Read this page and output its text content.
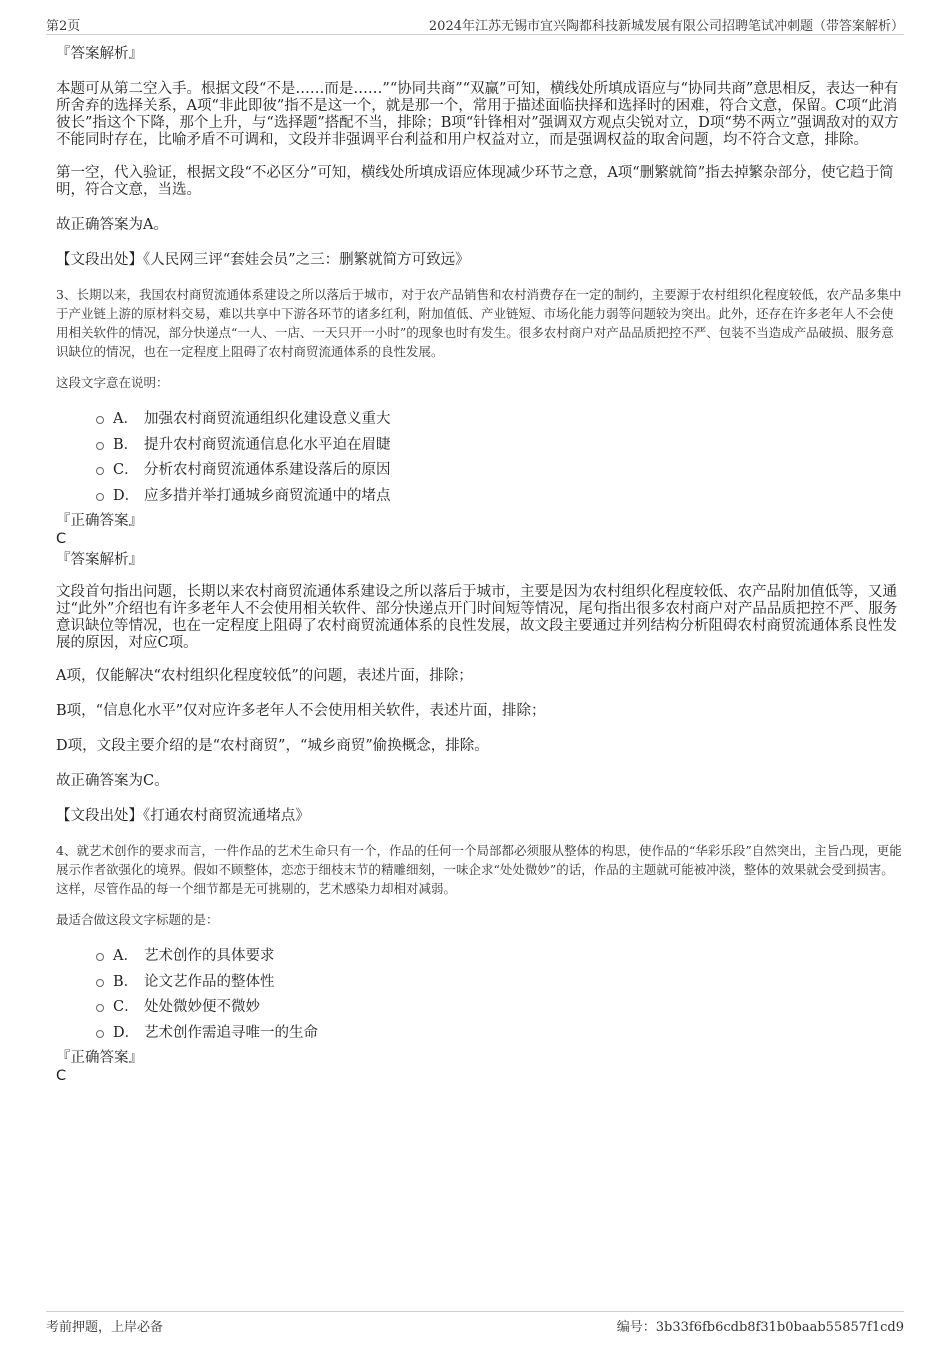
第2页	2024年江苏无锡市宜兴陶都科技新城发展有限公司招聘笔试冲刺题（带答案解析）

『答案解析』

本题可从第二空入手。根据文段“不是……而是……”“协同共商”“双赢”可知，横线处所填成语应与“协同共商”意思相反，表达一种有所舍弃的选择关系，A项“非此即彼”指不是这一个，就是那一个，常用于描述面临抉择和选择时的困难，符合文意，保留。C项“此消彼长”指这个下降，那个上升，与“选择题”搭配不当，排除；B项“针锋相对”强调双方观点尖锐对立，D项“势不两立”强调敌对的双方不能同时存在，比喻矛盾不可调和，文段并非强调平台利益和用户权益对立，而是强调权益的取舍问题，均不符合文意，排除。

第一空，代入验证，根据文段“不必区分”可知，横线处所填成语应体现减少环节之意，A项“删繁就简”指去掉繁杂部分，使它趋于简明，符合文意，当选。

故正确答案为A。

【文段出处】《人民网三评“套娃会员”之三：删繁就简方可致远》

3、长期以来，我国农村商贸流通体系建设之所以落后于城市，对于农产品销售和农村消费存在一定的制约，主要源于农村组织化程度较低，农产品多集中于产业链上游的原材料交易，难以共享中下游各环节的诸多红利，附加值低、产业链短、市场化能力弱等问题较为突出。此外，还存在许多老年人不会使用相关软件的情况，部分快递点“一人、一店、一天只开一小时”的现象也时有发生。很多农村商户对产品品质把控不严、包装不当造成产品破损、服务意识缺位的情况，也在一定程度上阻碍了农村商贸流通体系的良性发展。

这段文字意在说明：

A． 加强农村商贸流通组织化建设意义重大
B． 提升农村商贸流通信息化水平迫在眉睫
C． 分析农村商贸流通体系建设落后的原因
D． 应多措并举打通城乡商贸流通中的堵点

『正确答案』

C

『答案解析』

文段首句指出问题，长期以来农村商贸流通体系建设之所以落后于城市，主要是因为农村组织化程度较低、农产品附加值低等，又通过“此外”介绍也有许多老年人不会使用相关软件、部分快递点开门时间短等情况，尾句指出很多农村商户对产品品质把控不严、服务意识缺位等情况，也在一定程度上阻碍了农村商贸流通体系的良性发展，故文段主要通过并列结构分析阻碍农村商贸流通体系良性发展的原因，对应C项。

A项，仅能解决“农村组织化程度较低”的问题，表述片面，排除；

B项，“信息化水平”仅对应许多老年人不会使用相关软件，表述片面，排除；

D项，文段主要介绍的是“农村商贸”，“城乡商贸”偷换概念，排除。

故正确答案为C。

【文段出处】《打通农村商贸流通堵点》

4、就艺术创作的要求而言，一件作品的艺术生命只有一个，作品的任何一个局部都必须服从整体的构思，使作品的“华彩乐段”自然突出，主旨凸现，更能展示作者欲强化的境界。假如不顾整体，恋恋于细枝末节的精雕细刻，一味企求“处处微妙”的话，作品的主题就可能被冲淡，整体的效果就会受到损害。这样，尽管作品的每一个细节都是无可挑剔的，艺术感染力却相对减弱。

最适合做这段文字标题的是：

A． 艺术创作的具体要求
B． 论文艺作品的整体性
C． 处处微妙便不微妙
D． 艺术创作需追寻唯一的生命

『正确答案』

C

考前押题，上岸必备	编号：3b33f6fb6cdb8f31b0baab55857f1cd9
